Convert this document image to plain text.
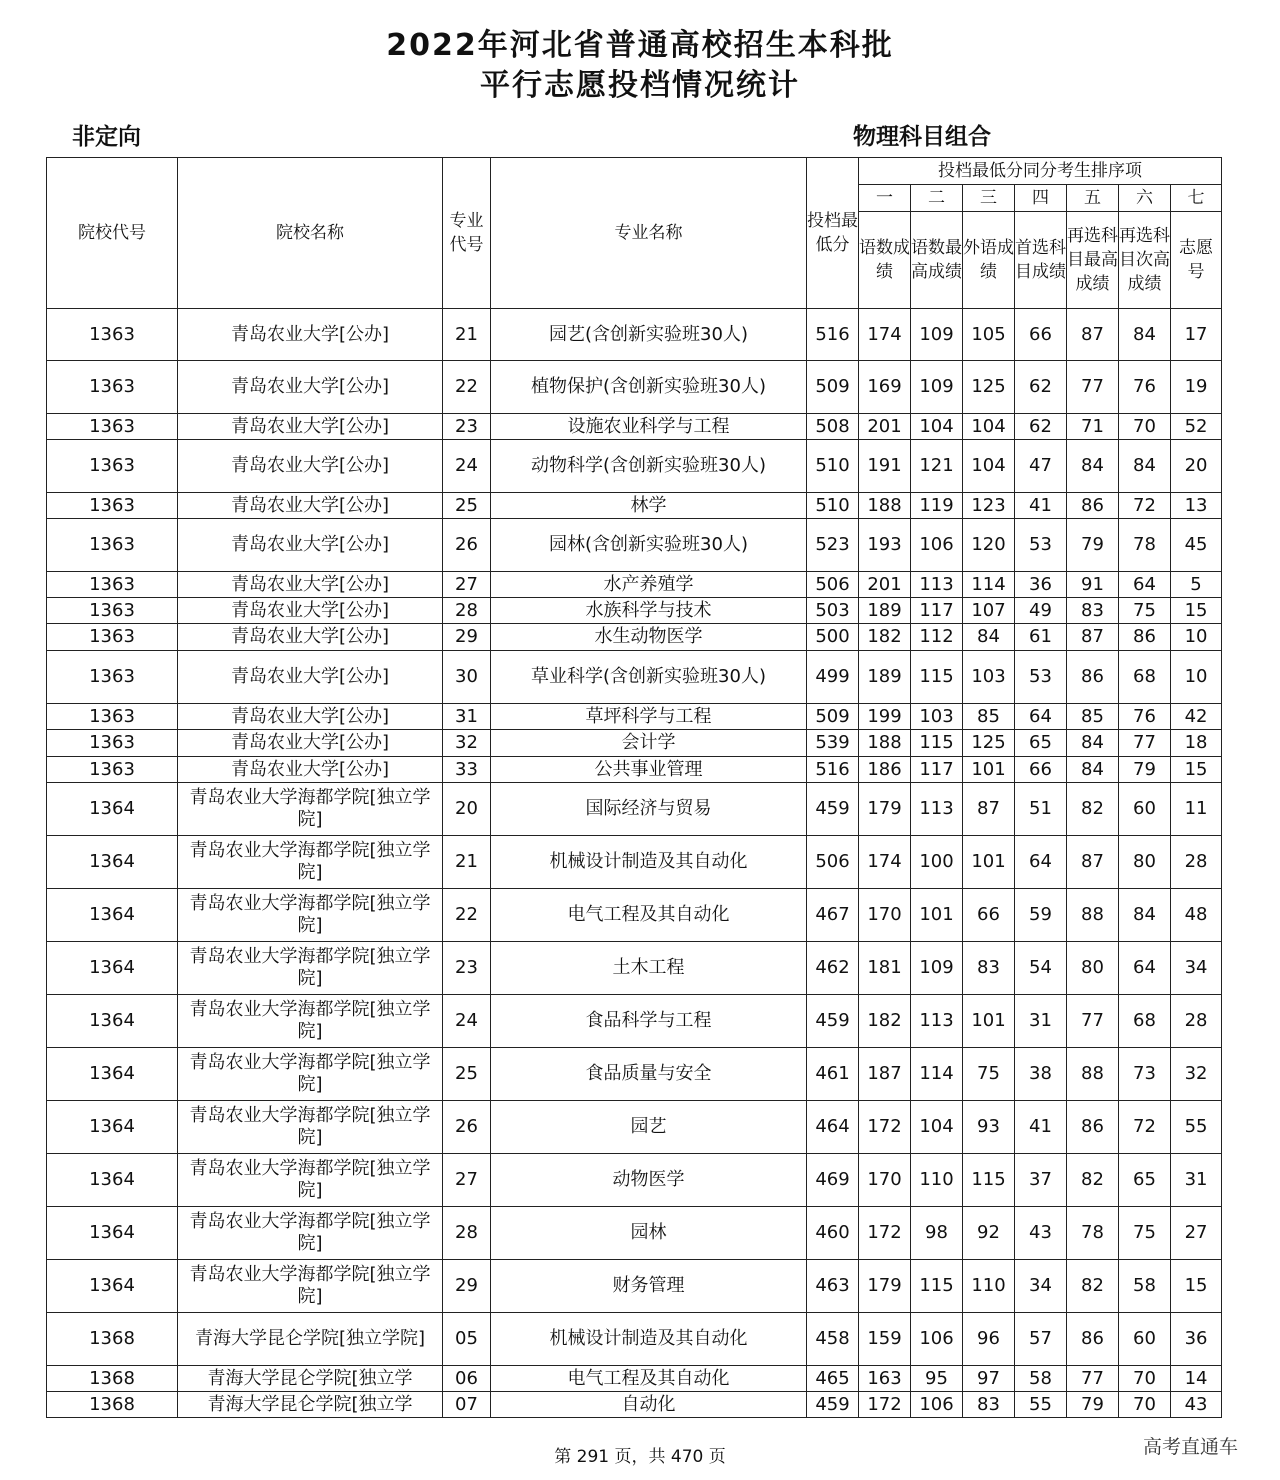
2022年河北省普通高校招生本科批
平行志愿投档情况统计
非定向	物理科目组合
院校代号	院校名称	专业代号	专业名称	投档最低分	投档最低分同分考生排序项						
					一	二	三	四	五	六	七
					语数成绩	语数最高成绩	外语成绩	首选科目成绩	再选科目最高成绩	再选科目次高成绩	志愿号
1363	青岛农业大学[公办]	21	园艺(含创新实验班30人)	516	174	109	105	66	87	84	17
1363	青岛农业大学[公办]	22	植物保护(含创新实验班30人)	509	169	109	125	62	77	76	19
1363	青岛农业大学[公办]	23	设施农业科学与工程	508	201	104	104	62	71	70	52
1363	青岛农业大学[公办]	24	动物科学(含创新实验班30人)	510	191	121	104	47	84	84	20
1363	青岛农业大学[公办]	25	林学	510	188	119	123	41	86	72	13
1363	青岛农业大学[公办]	26	园林(含创新实验班30人)	523	193	106	120	53	79	78	45
1363	青岛农业大学[公办]	27	水产养殖学	506	201	113	114	36	91	64	5
1363	青岛农业大学[公办]	28	水族科学与技术	503	189	117	107	49	83	75	15
1363	青岛农业大学[公办]	29	水生动物医学	500	182	112	84	61	87	86	10
1363	青岛农业大学[公办]	30	草业科学(含创新实验班30人)	499	189	115	103	53	86	68	10
1363	青岛农业大学[公办]	31	草坪科学与工程	509	199	103	85	64	85	76	42
1363	青岛农业大学[公办]	32	会计学	539	188	115	125	65	84	77	18
1363	青岛农业大学[公办]	33	公共事业管理	516	186	117	101	66	84	79	15
1364	青岛农业大学海都学院[独立学院]	20	国际经济与贸易	459	179	113	87	51	82	60	11
1364	青岛农业大学海都学院[独立学院]	21	机械设计制造及其自动化	506	174	100	101	64	87	80	28
1364	青岛农业大学海都学院[独立学院]	22	电气工程及其自动化	467	170	101	66	59	88	84	48
1364	青岛农业大学海都学院[独立学院]	23	土木工程	462	181	109	83	54	80	64	34
1364	青岛农业大学海都学院[独立学院]	24	食品科学与工程	459	182	113	101	31	77	68	28
1364	青岛农业大学海都学院[独立学院]	25	食品质量与安全	461	187	114	75	38	88	73	32
1364	青岛农业大学海都学院[独立学院]	26	园艺	464	172	104	93	41	86	72	55
1364	青岛农业大学海都学院[独立学院]	27	动物医学	469	170	110	115	37	82	65	31
1364	青岛农业大学海都学院[独立学院]	28	园林	460	172	98	92	43	78	75	27
1364	青岛农业大学海都学院[独立学院]	29	财务管理	463	179	115	110	34	82	58	15
1368	青海大学昆仑学院[独立学院]	05	机械设计制造及其自动化	458	159	106	96	57	86	60	36
1368	青海大学昆仑学院[独立学	06	电气工程及其自动化	465	163	95	97	58	77	70	14
1368	青海大学昆仑学院[独立学	07	自动化	459	172	106	83	55	79	70	43
第 291 页，共 470 页	高考直通车
